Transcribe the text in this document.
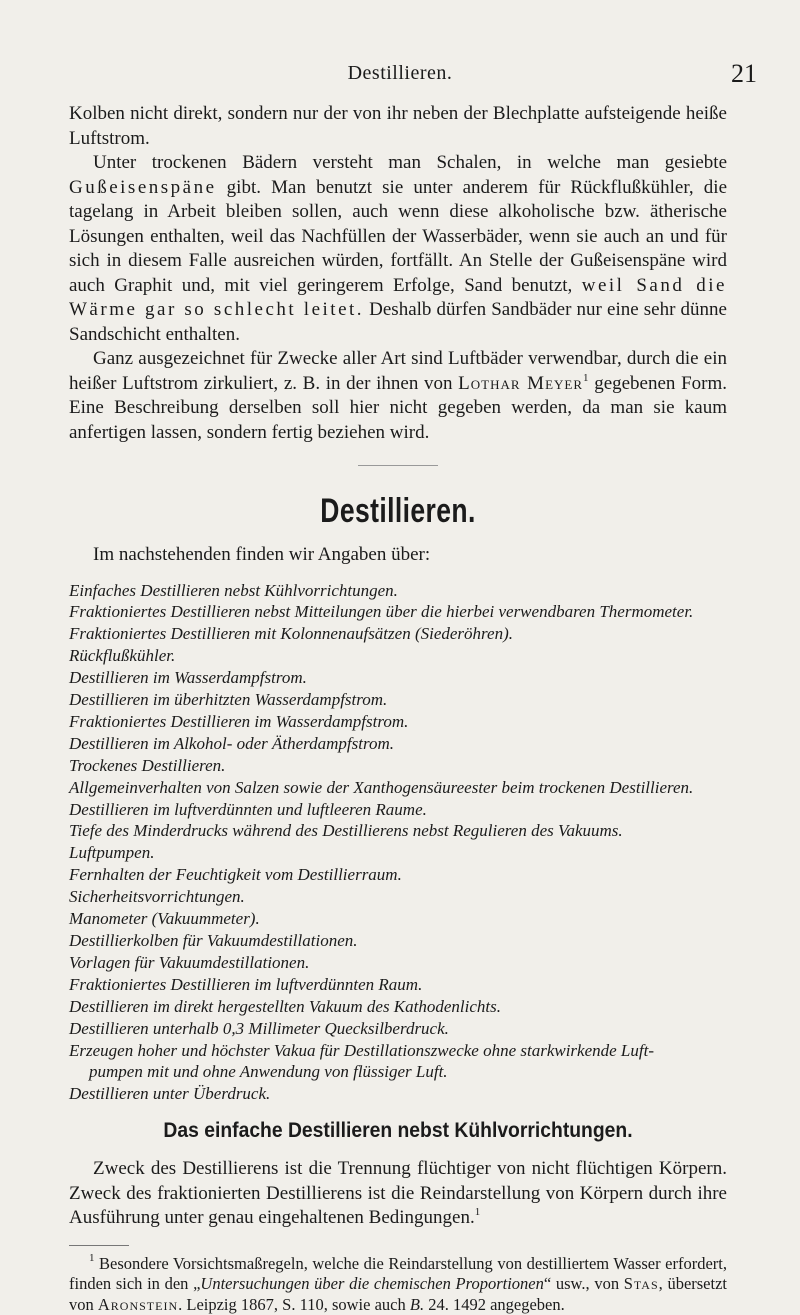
Destillieren.	21

Kolben nicht direkt, sondern nur der von ihr neben der Blechplatte aufsteigende heiße Luftstrom.

Unter trockenen Bädern versteht man Schalen, in welche man gesiebte Gußeisenspäne gibt. Man benutzt sie unter anderem für Rückflußkühler, die tagelang in Arbeit bleiben sollen, auch wenn diese alkoholische bzw. ätherische Lösungen enthalten, weil das Nachfüllen der Wasserbäder, wenn sie auch an und für sich in diesem Falle ausreichen würden, fortfällt. An Stelle der Gußeisenspäne wird auch Graphit und, mit viel geringerem Erfolge, Sand benutzt, weil Sand die Wärme gar so schlecht leitet. Deshalb dürfen Sandbäder nur eine sehr dünne Sandschicht enthalten.

Ganz ausgezeichnet für Zwecke aller Art sind Luftbäder verwendbar, durch die ein heißer Luftstrom zirkuliert, z. B. in der ihnen von Lothar Meyer$^1$ gegebenen Form. Eine Beschreibung derselben soll hier nicht gegeben werden, da man sie kaum anfertigen lassen, sondern fertig beziehen wird.

Destillieren.

Im nachstehenden finden wir Angaben über:

Einfaches Destillieren nebst Kühlvorrichtungen.
Fraktioniertes Destillieren nebst Mitteilungen über die hierbei verwendbaren Thermometer.
Fraktioniertes Destillieren mit Kolonnenaufsätzen (Siederöhren).
Rückflußkühler.
Destillieren im Wasserdampfstrom.
Destillieren im überhitzten Wasserdampfstrom.
Fraktioniertes Destillieren im Wasserdampfstrom.
Destillieren im Alkohol- oder Ätherdampfstrom.
Trockenes Destillieren.
Allgemeinverhalten von Salzen sowie der Xanthogensäureester beim trockenen Destillieren.
Destillieren im luftverdünnten und luftleeren Raume.
Tiefe des Minderdrucks während des Destillierens nebst Regulieren des Vakuums.
Luftpumpen.
Fernhalten der Feuchtigkeit vom Destillierraum.
Sicherheitsvorrichtungen.
Manometer (Vakuummeter).
Destillierkolben für Vakuumdestillationen.
Vorlagen für Vakuumdestillationen.
Fraktioniertes Destillieren im luftverdünnten Raum.
Destillieren im direkt hergestellten Vakuum des Kathodenlichts.
Destillieren unterhalb 0,3 Millimeter Quecksilberdruck.
Erzeugen hoher und höchster Vakua für Destillationszwecke ohne starkwirkende Luft-
pumpen mit und ohne Anwendung von flüssiger Luft.
Destillieren unter Überdruck.
Das einfache Destillieren nebst Kühlvorrichtungen.

Zweck des Destillierens ist die Trennung flüchtiger von nicht flüchtigen Körpern. Zweck des fraktionierten Destillierens ist die Reindarstellung von Körpern durch ihre Ausführung unter genau eingehaltenen Bedingungen.$^1$

$^1$ Besondere Vorsichtsmaßregeln, welche die Reindarstellung von destilliertem Wasser erfordert, finden sich in den „Untersuchungen über die chemischen Proportionen“ usw., von Stas, übersetzt von Aronstein. Leipzig 1867, S. 110, sowie auch B. 24. 1492 angegeben.
